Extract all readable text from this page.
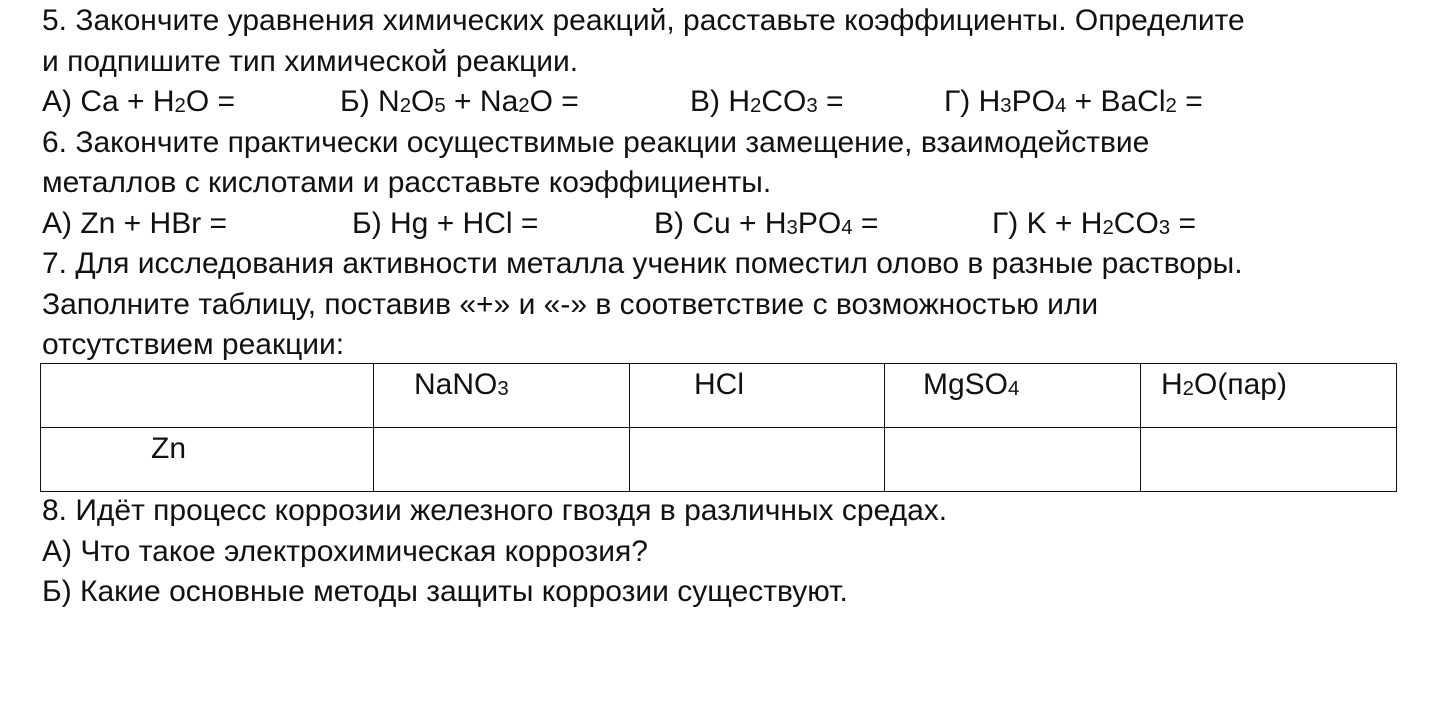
5. Закончите уравнения химических реакций, расставьте коэффициенты. Определите
и подпишите тип химической реакции.
А) $Ca + H_2O$ =	Б) $N_2O_5 + Na_2O$ =	В) $H_2CO_3$ =	Г) $H_3PO_4$ + BaCl$_2$ =
6. Закончите практически осуществимые реакции замещение, взаимодействие
металлов с кислотами и расставьте коэффициенты.
А) Zn + HBr =	Б) Hg + HCl =	В) $Cu + H_3PO_4$ =	Г) $K + H_2CO_3$ =
7. Для исследования активности металла ученик поместил олово в разные растворы.
Заполните таблицу, поставив «+» и «-» в соответствие с возможностью или
отсутствием реакции:
	NaNO$_3$	HCl	MgSO$_4$	$H_2O(пар)$
Zn				
8. Идёт процесс коррозии железного гвоздя в различных средах.
А) Что такое электрохимическая коррозия?
Б) Какие основные методы защиты коррозии существуют.
